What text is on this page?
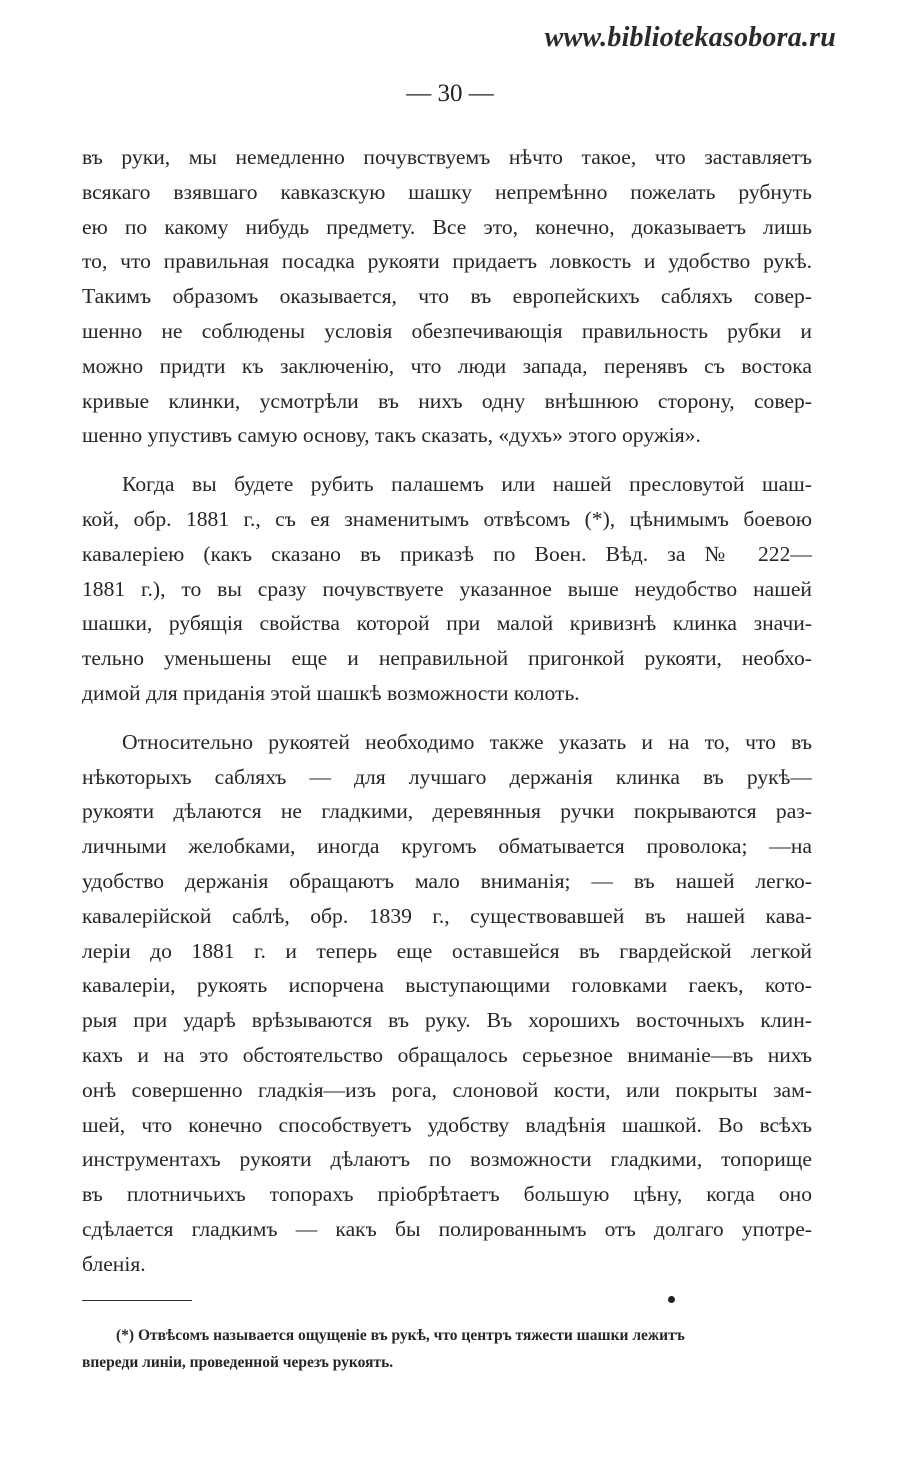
www.bibliotekasobora.ru
— 30 —
въ руки, мы немедленно почувствуемъ нѣчто такое, что заставляетъ
всякаго взявшаго кавказскую шашку непремѣнно пожелать рубнуть
ею по какому нибудь предмету. Все это, конечно, доказываетъ лишь
то, что правильная посадка рукояти придаетъ ловкость и удобство рукѣ.
Такимъ образомъ оказывается, что въ европейскихъ сабляхъ совер-
шенно не соблюдены условія обезпечивающія правильность рубки и
можно придти къ заключенію, что люди запада, перенявъ съ востока
кривые клинки, усмотрѣли въ нихъ одну внѣшнюю сторону, совер-
шенно упустивъ самую основу, такъ сказать, «духъ» этого оружія».
Когда вы будете рубить палашемъ или нашей пресловутой шаш-
кой, обр. 1881 г., съ ея знаменитымъ отвѣсомъ (*), цѣнимымъ боевою
кавалеріею (какъ сказано въ приказѣ по Воен. Вѣд. за № 222—
1881 г.), то вы сразу почувствуете указанное выше неудобство нашей
шашки, рубящія свойства которой при малой кривизнѣ клинка значи-
тельно уменьшены еще и неправильной пригонкой рукояти, необхо-
димой для приданія этой шашкѣ возможности колоть.
Относительно рукоятей необходимо также указать и на то, что въ
нѣкоторыхъ сабляхъ — для лучшаго держанія клинка въ рукѣ—
рукояти дѣлаются не гладкими, деревянныя ручки покрываются раз-
личными желобками, иногда кругомъ обматывается проволока; —на
удобство держанія обращаютъ мало вниманія; — въ нашей легко-
кавалерійской саблѣ, обр. 1839 г., существовавшей въ нашей кава-
леріи до 1881 г. и теперь еще оставшейся въ гвардейской легкой
кавалеріи, рукоять испорчена выступающими головками гаекъ, кото-
рыя при ударѣ врѣзываются въ руку. Въ хорошихъ восточныхъ клин-
кахъ и на это обстоятельство обращалось серьезное вниманіе—въ нихъ
онѣ совершенно гладкія—изъ рога, слоновой кости, или покрыты зам-
шей, что конечно способствуетъ удобству владѣнія шашкой. Во всѣхъ
инструментахъ рукояти дѣлаютъ по возможности гладкими, топорище
въ плотничьихъ топорахъ пріобрѣтаетъ большую цѣну, когда оно
сдѣлается гладкимъ — какъ бы полированнымъ отъ долгаго употре-
бленія.
(*) Отвѣсомъ называется ощущеніе въ рукѣ, что центръ тяжести шашки лежитъ
впереди линіи, проведенной черезъ рукоять.
